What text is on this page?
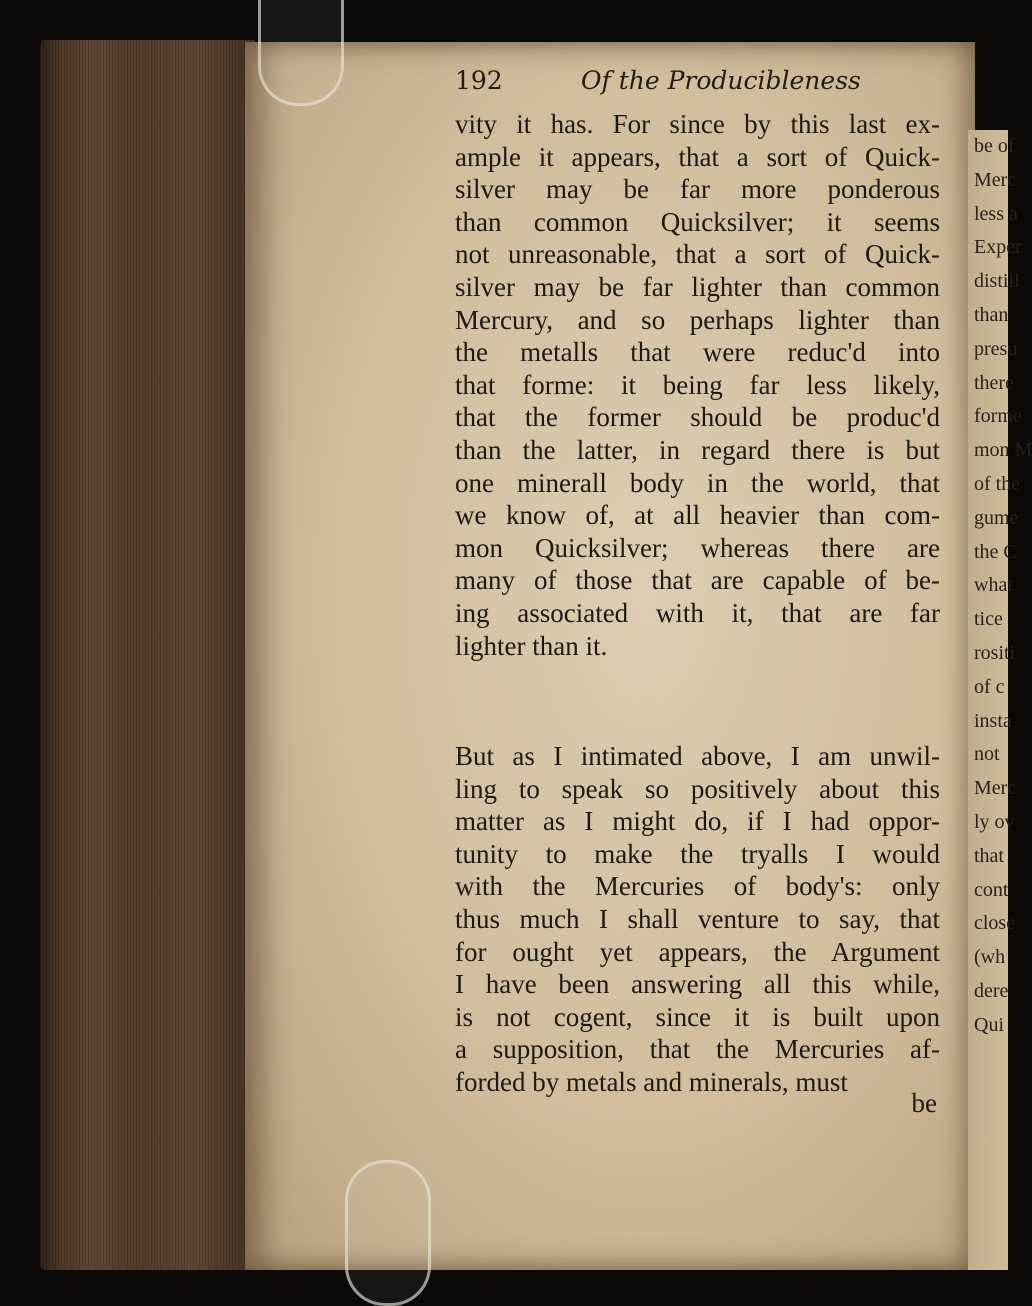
be of
Merc
less a
Exper
distill
than
presu
there
forme
mon M
of the
gume
the C
what
tice
rositi
of c
insta
not
Merc
ly ov
that
cont
close
(wh
dere
Qui
192	Of the Producibleness
vity it has. For since by this last ex-
ample it appears, that a sort of Quick-
silver may be far more ponderous
than common Quicksilver; it seems
not unreasonable, that a sort of Quick-
silver may be far lighter than common
Mercury, and so perhaps lighter than
the metalls that were reduc'd into
that forme: it being far less likely,
that the former should be produc'd
than the latter, in regard there is but
one minerall body in the world, that
we know of, at all heavier than com-
mon Quicksilver; whereas there are
many of those that are capable of be-
ing associated with it, that are far
lighter than it.
But as I intimated above, I am unwil-
ling to speak so positively about this
matter as I might do, if I had oppor-
tunity to make the tryalls I would
with the Mercuries of body's: only
thus much I shall venture to say, that
for ought yet appears, the Argument
I have been answering all this while,
is not cogent, since it is built upon
a supposition, that the Mercuries af-
forded by metals and minerals, must
be
